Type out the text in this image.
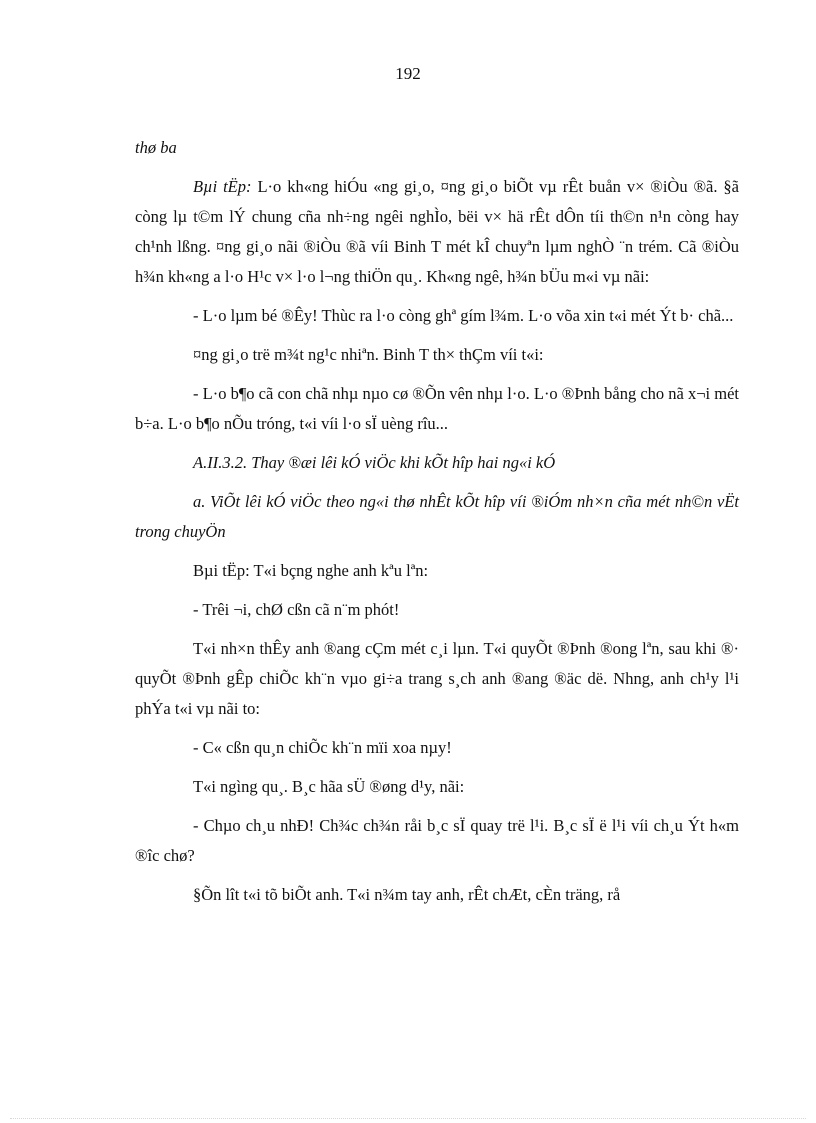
192

thø ba

Bµi tËp: L·o kh«ng hiÓu «ng gi¸o, ¤ng gi¸o biÕt vµ rÊt buån v× ®iÒu ®ã. §ã còng lµ t©m lÝ chung cña nh÷ng ngêi nghÌo, bëi v× hä rÊt dÔn tíi th©n n¹n còng hay ch¹nh lßng. ¤ng gi¸o nãi ®iÒu ®ã víi Binh T mét kÎ chuyªn lµm nghÒ ¨n trém. Cã ®iÒu h¾n kh«ng a l·o H¹c v× l·o l¬ng thiÖn qu¸. Kh«ng ngê, h¾n bÜu m«i vµ nãi:

- L·o lµm bé ®Êy! Thùc ra l·o còng ghª gím l¾m. L·o võa xin t«i mét Ýt b· chã...

¤ng gi¸o trë m¾t ng¹c nhiªn. Binh T th× thÇm víi t«i:

- L·o b¶o cã con chã nhµ nµo cø ®Õn vên nhµ l·o. L·o ®Þnh bång cho nã x¬i mét b÷a. L·o b¶o nÕu tróng, t«i víi l·o sÏ uèng rîu...

A.II.3.2. Thay ®æi lêi kÓ viÖc khi kÕt hîp hai ng«i kÓ

a. ViÕt lêi kÓ viÖc theo ng«i thø nhÊt kÕt hîp víi ®iÓm nh×n cña mét nh©n vËt trong chuyÖn

Bµi tËp: T«i bçng nghe anh kªu lªn:

- Trêi ¬i, chØ cßn cã n¨m phót!

T«i nh×n thÊy anh ®ang cÇm mét c¸i lµn. T«i quyÕt ®Þnh ®ong lªn, sau khi ®· quyÕt ®Þnh gÊp chiÕc kh¨n vµo gi÷a trang s¸ch anh ®ang ®äc dë. Nhng, anh ch¹y l¹i phÝa t«i vµ nãi to:

- C« cßn qu¸n chiÕc kh¨n mïi xoa nµy!

T«i ngìng qu¸. B¸c hãa sÜ ®øng d¹y, nãi:

- Chµo ch¸u nhÐ! Ch¾c ch¾n råi b¸c sÏ quay trë l¹i. B¸c sÏ ë l¹i víi ch¸u Ýt h«m ®îc chø?

§Õn lît t«i tõ biÕt anh. T«i n¾m tay anh, rÊt chÆt, cÈn träng, rå
